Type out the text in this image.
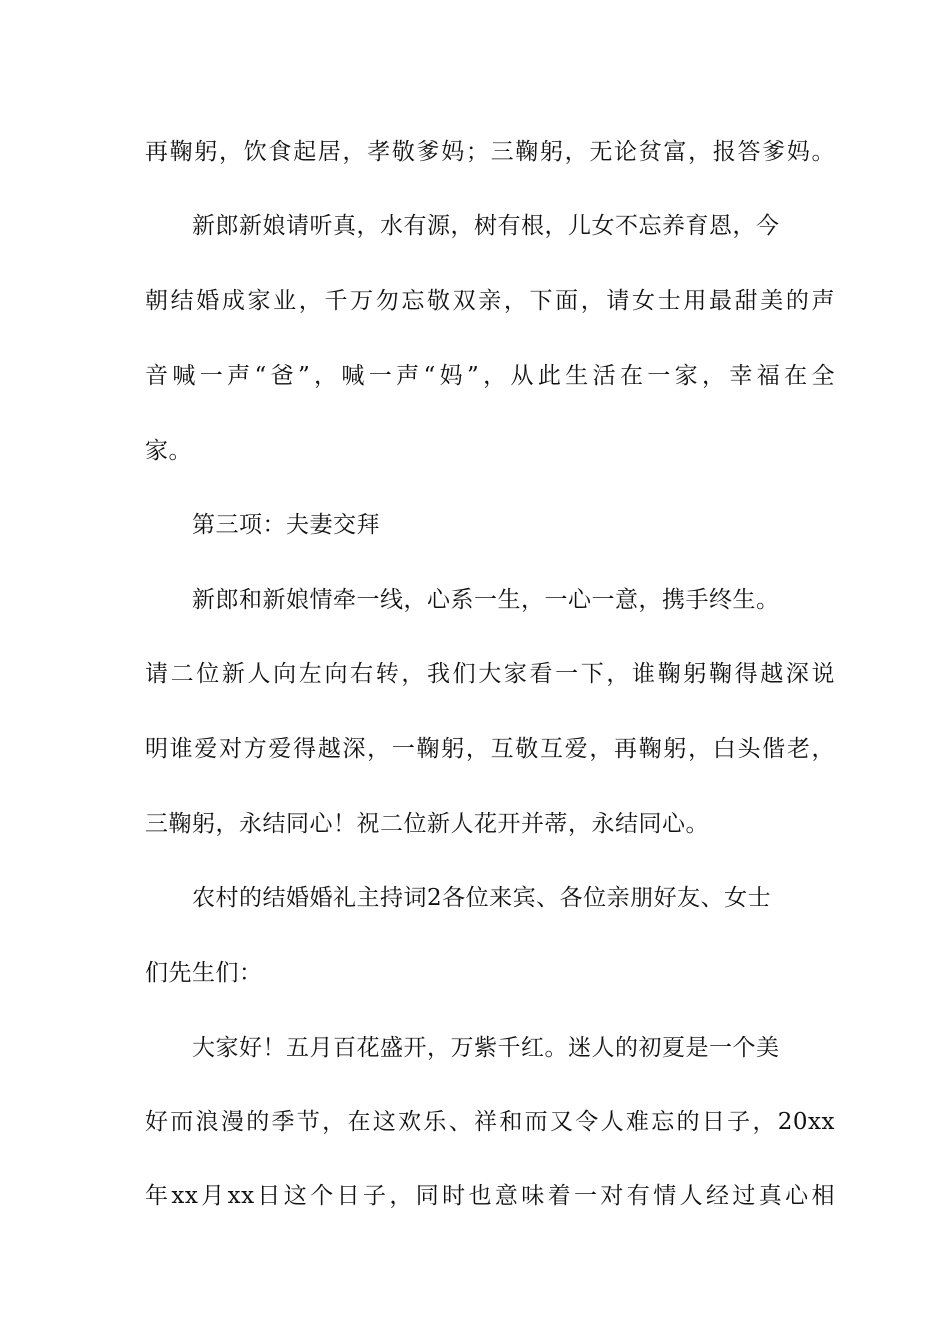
再鞠躬，饮食起居，孝敬爹妈；三鞠躬，无论贫富，报答爹妈。
新郎新娘请听真，水有源，树有根，儿女不忘养育恩，今
朝结婚成家业，千万勿忘敬双亲，下面，请女士用最甜美的声
音喊一声“爸”，喊一声“妈”，从此生活在一家，幸福在全
家。
第三项：夫妻交拜
新郎和新娘情牵一线，心系一生，一心一意，携手终生。
请二位新人向左向右转，我们大家看一下，谁鞠躬鞠得越深说
明谁爱对方爱得越深，一鞠躬，互敬互爱，再鞠躬，白头偕老，
三鞠躬，永结同心！祝二位新人花开并蒂，永结同心。
农村的结婚婚礼主持词2各位来宾、各位亲朋好友、女士
们先生们：
大家好！五月百花盛开，万紫千红。迷人的初夏是一个美
好而浪漫的季节，在这欢乐、祥和而又令人难忘的日子，20xx
年xx月xx日这个日子，同时也意味着一对有情人经过真心相
